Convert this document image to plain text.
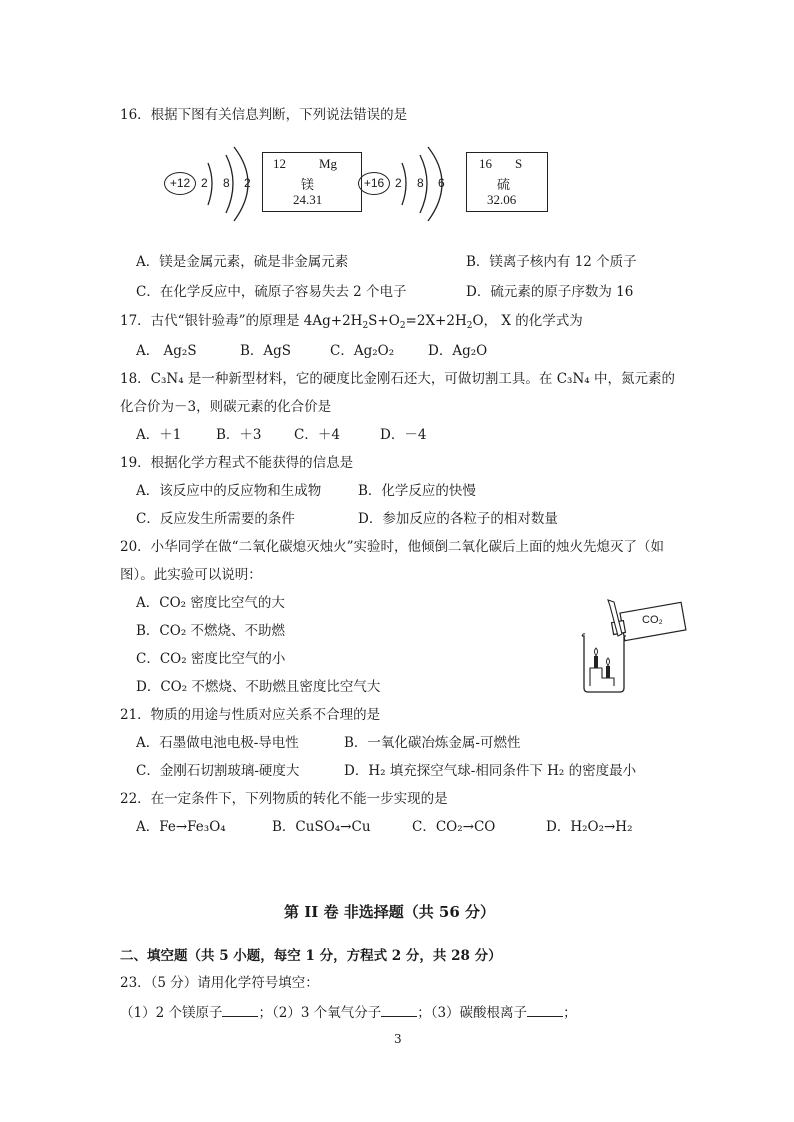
16．根据下图有关信息判断，下列说法错误的是
+12 2 8 2
12	Mg
镁
24.31
+16 2 8 6
16 S
硫
32.06
A．镁是金属元素，硫是非金属元素	B．镁离子核内有 12 个质子
C．在化学反应中，硫原子容易失去 2 个电子	D．硫元素的原子序数为 16
17．古代“银针验毒”的原理是 $4Ag+2H_2S+O_2=2X+2H_2O$， X 的化学式为
A． Ag₂S	B．AgS	C．Ag₂O₂	D．Ag₂O
18．C₃N₄ 是一种新型材料，它的硬度比金刚石还大，可做切割工具。在 C₃N₄ 中，氮元素的
化合价为－3，则碳元素的化合价是
A．＋1	B．＋3 C．＋4	D．－4
19．根据化学方程式不能获得的信息是
A．该反应中的反应物和生成物	B．化学反应的快慢
C．反应发生所需要的条件	D．参加反应的各粒子的相对数量
20．小华同学在做“二氧化碳熄灭烛火”实验时，他倾倒二氧化碳后上面的烛火先熄灭了（如
图）。此实验可以说明：
A．CO₂ 密度比空气的大
B．CO₂ 不燃烧、不助燃
C．CO₂ 密度比空气的小
D．CO₂ 不燃烧、不助燃且密度比空气大
CO₂
21．物质的用途与性质对应关系不合理的是
A．石墨做电池电极-导电性	B．一氧化碳冶炼金属-可燃性
C．金刚石切割玻璃-硬度大	D．H₂ 填充探空气球-相同条件下 H₂ 的密度最小
22．在一定条件下，下列物质的转化不能一步实现的是
A．Fe→Fe₃O₄	B．CuSO₄→Cu	C．CO₂→CO	D．H₂O₂→H₂
第 II 卷 非选择题（共 56 分）
二、填空题（共 5 小题，每空 1 分，方程式 2 分，共 28 分）
23．（5 分）请用化学符号填空：
（1）2 个镁原子	；（2）3 个氧气分子	；（3）碳酸根离子	；
3
